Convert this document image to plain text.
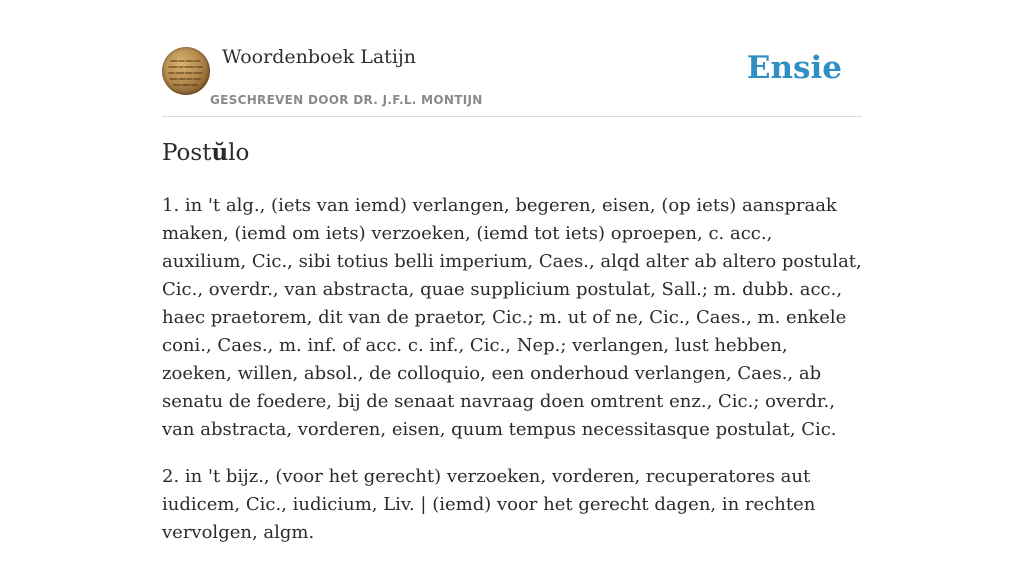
Woordenboek Latijn
GESCHREVEN DOOR DR. J.F.L. MONTIJN
Ensie
Postŭlo

1. in 't alg., (iets van iemd) verlangen, begeren, eisen, (op iets) aanspraak maken, (iemd om iets) verzoeken, (iemd tot iets) oproepen, c. acc., auxilium, Cic., sibi totius belli imperium, Caes., alqd alter ab altero postulat, Cic., overdr., van abstracta, quae supplicium postulat, Sall.; m. dubb. acc., haec praetorem, dit van de praetor, Cic.; m. ut of ne, Cic., Caes., m. enkele coni., Caes., m. inf. of acc. c. inf., Cic., Nep.; verlangen, lust hebben, zoeken, willen, absol., de colloquio, een onderhoud verlangen, Caes., ab senatu de foedere, bij de senaat navraag doen omtrent enz., Cic.; overdr., van abstracta, vorderen, eisen, quum tempus necessitasque postulat, Cic.

2. in 't bijz., (voor het gerecht) verzoeken, vorderen, recuperatores aut iudicem, Cic., iudicium, Liv. | (iemd) voor het gerecht dagen, in rechten vervolgen, algm.
